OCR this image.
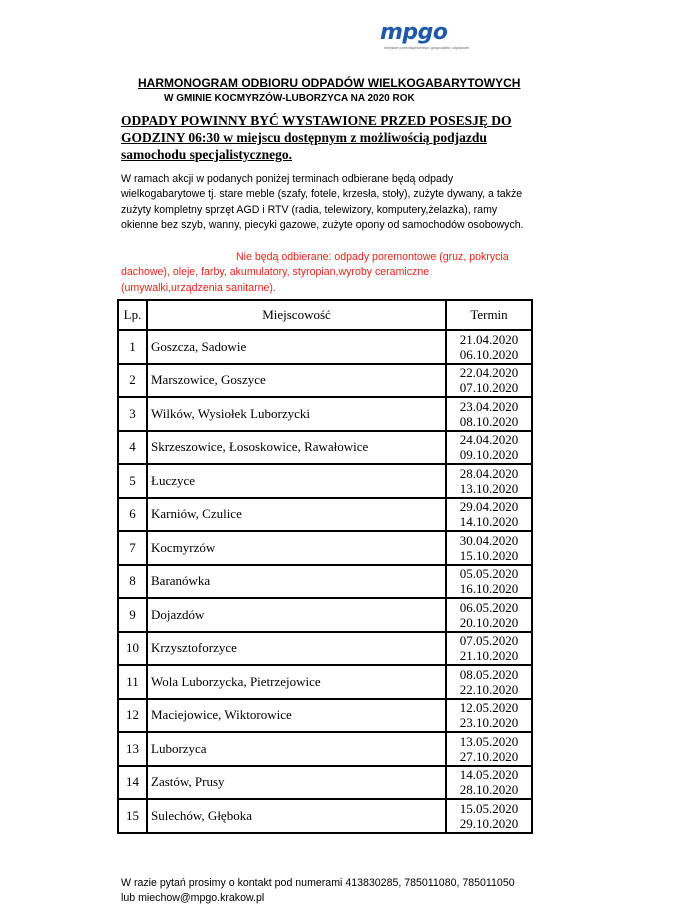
mpgo
miejskie przedsiębiorstwo gospodarki odpadami
HARMONOGRAM ODBIORU ODPADÓW WIELKOGABARYTOWYCH
W GMINIE KOCMYRZÓW-LUBORZYCA NA 2020 ROK
ODPADY POWINNY BYĆ WYSTAWIONE PRZED POSESJĘ DO GODZINY 06:30 w miejscu dostępnym z możliwością podjazdu samochodu specjalistycznego.
W ramach akcji w podanych poniżej terminach odbierane będą odpady wielkogabarytowe tj. stare meble (szafy, fotele, krzesła, stoły), zużyte dywany, a także zużyty kompletny sprzęt AGD i RTV (radia, telewizory, komputery,żelazka), ramy okienne bez szyb, wanny, piecyki gazowe, zużyte opony od samochodów osobowych.
Nie będą odbierane: odpady poremontowe (gruz, pokrycia dachowe), oleje, farby, akumulatory, styropian,wyroby ceramiczne (umywalki,urządzenia sanitarne).
Lp.	Miejscowość	Termin
1	Goszcza, Sadowie	21.04.2020
06.10.2020

2	Marszowice, Goszyce	22.04.2020
07.10.2020

3	Wilków, Wysiołek Luborzycki	23.04.2020
08.10.2020

4	Skrzeszowice, Łososkowice, Rawałowice	24.04.2020
09.10.2020

5	Łuczyce	28.04.2020
13.10.2020

6	Karniów, Czulice	29.04.2020
14.10.2020

7	Kocmyrzów	30.04.2020
15.10.2020

8	Baranówka	05.05.2020
16.10.2020

9	Dojazdów	06.05.2020
20.10.2020

10	Krzysztoforzyce	07.05.2020
21.10.2020

11	Wola Luborzycka, Pietrzejowice	08.05.2020
22.10.2020

12	Maciejowice, Wiktorowice	12.05.2020
23.10.2020

13	Luborzyca	13.05.2020
27.10.2020

14	Zastów, Prusy	14.05.2020
28.10.2020

15	Sulechów, Głęboka	15.05.2020
29.10.2020
W razie pytań prosimy o kontakt pod numerami 413830285, 785011080, 785011050 lub miechow@mpgo.krakow.pl
